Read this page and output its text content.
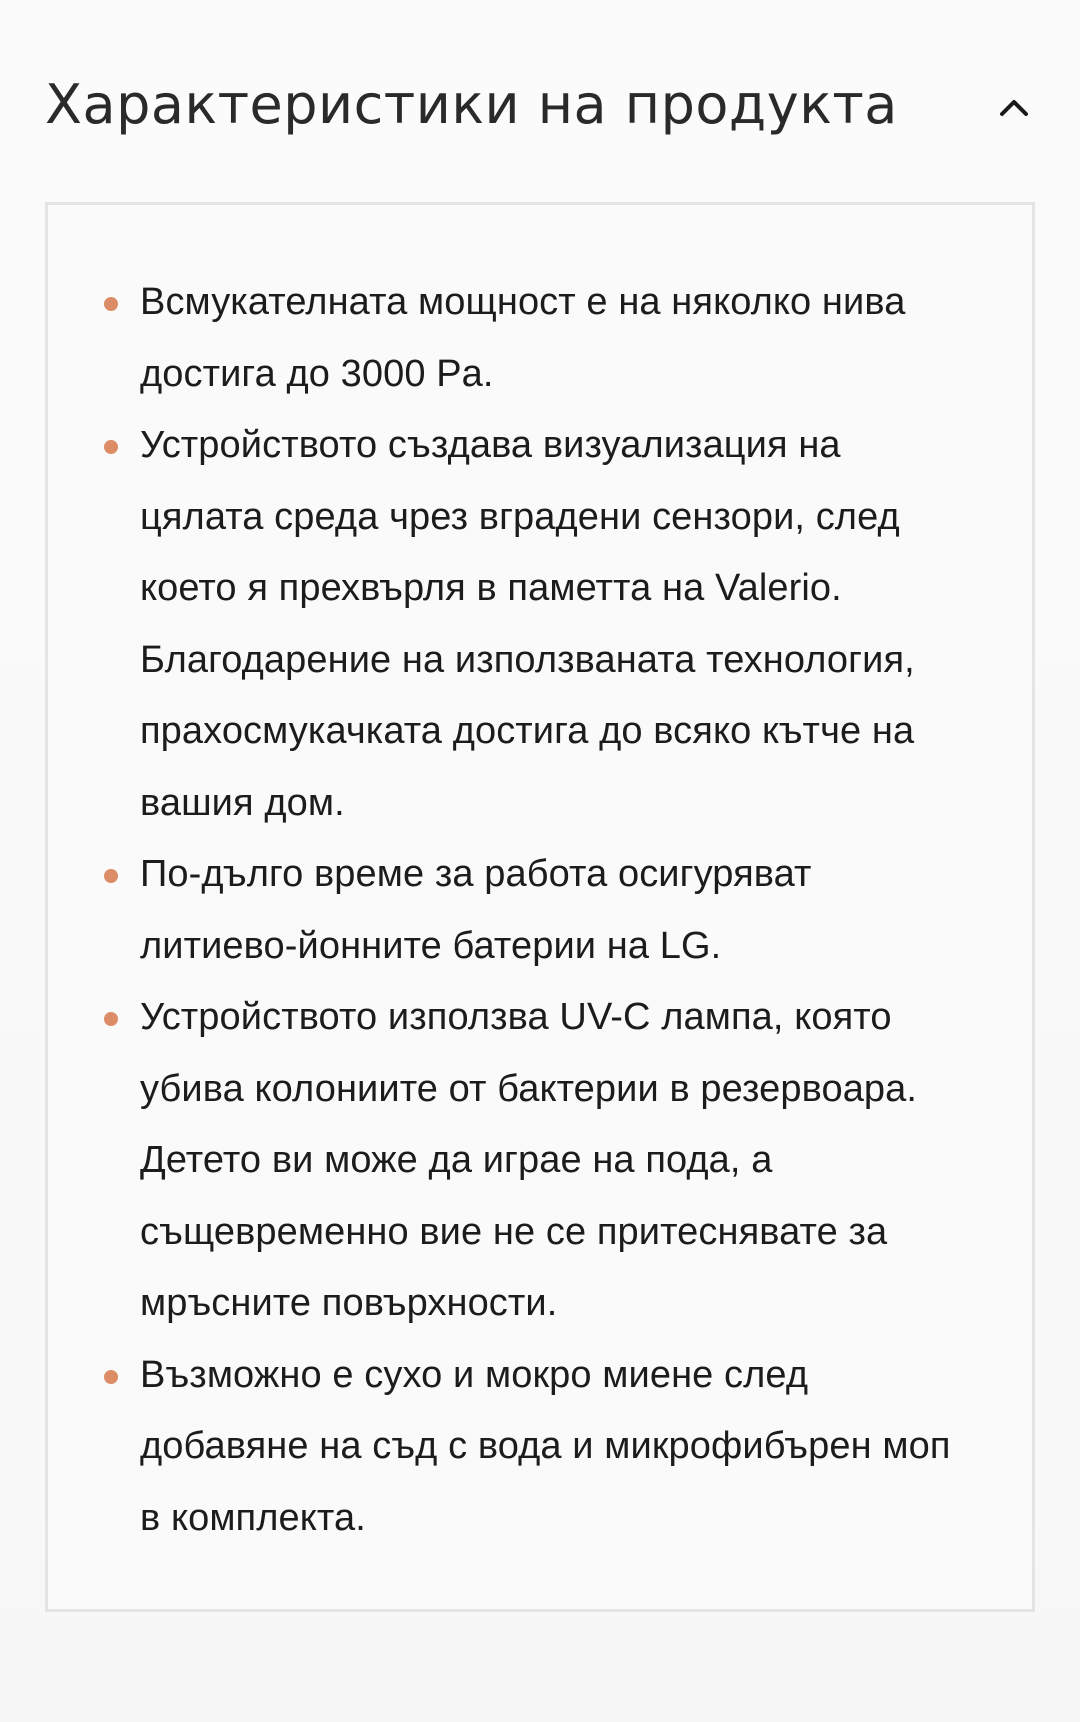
Характеристики на продукта
Всмукателната мощност е на няколко нива достига до 3000 Pa.
Устройството създава визуализация на цялата среда чрез вградени сензори, след което я прехвърля в паметта на Valerio. Благодарение на използваната технология, прахосмукачката достига до всяко кътче на вашия дом.
По-дълго време за работа осигуряват литиево-йонните батерии на LG.
Устройството използва UV-C лампа, която убива колониите от бактерии в резервоара. Детето ви може да играе на пода, а същевременно вие не се притеснявате за мръсните повърхности.
Възможно е сухо и мокро миене след добавяне на съд с вода и микрофибърен моп в комплекта.
